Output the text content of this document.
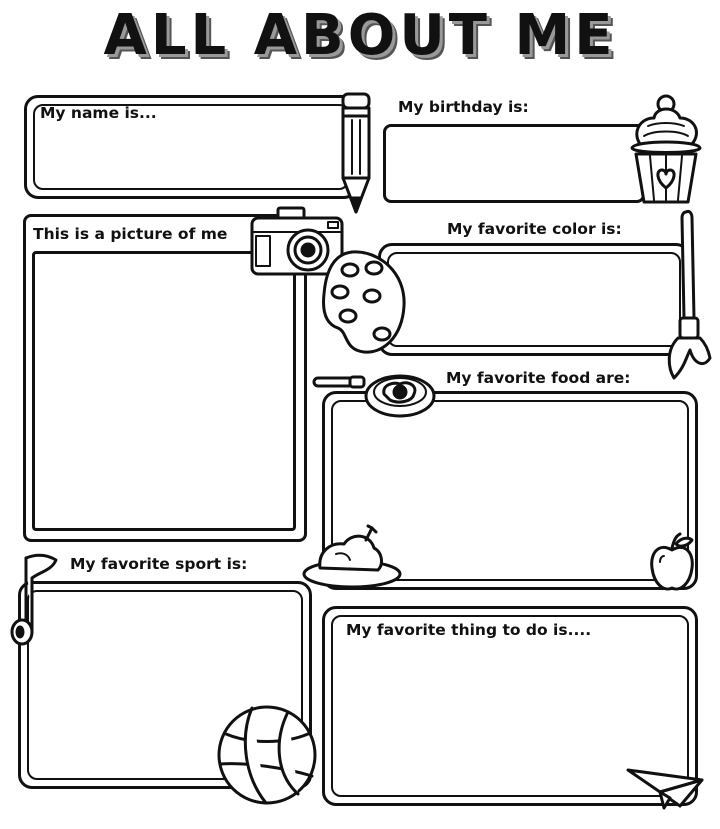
ALL ABOUT ME
My name is...	My birthday is:
This is a picture of me	My favorite color is:
My favorite food are:
My favorite sport is:
My favorite thing to do is....
